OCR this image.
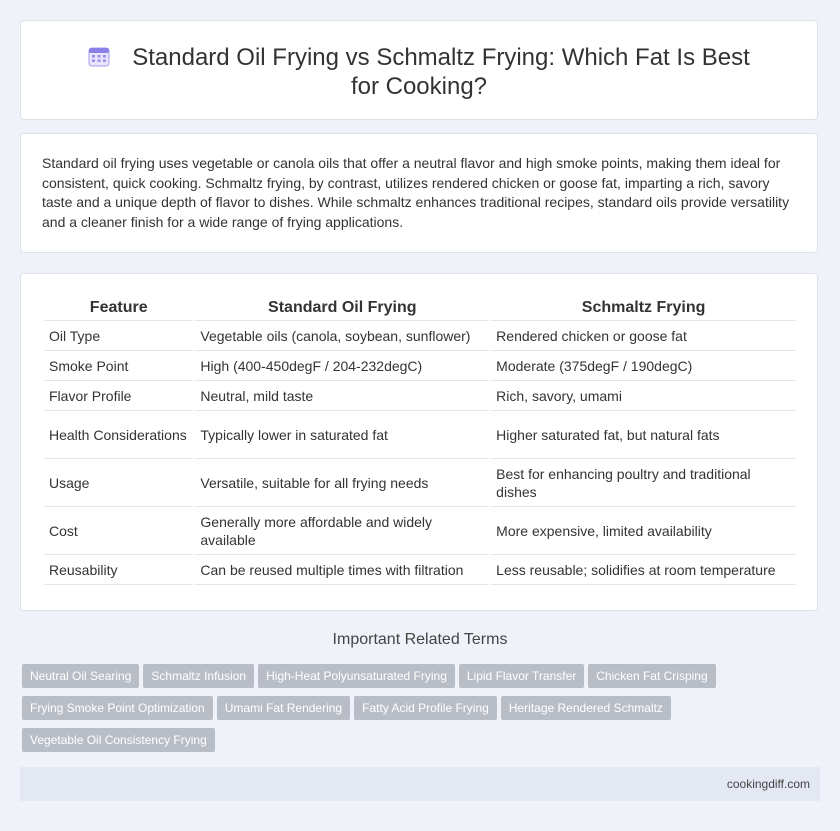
Standard Oil Frying vs Schmaltz Frying: Which Fat Is Best for Cooking?
Standard oil frying uses vegetable or canola oils that offer a neutral flavor and high smoke points, making them ideal for consistent, quick cooking. Schmaltz frying, by contrast, utilizes rendered chicken or goose fat, imparting a rich, savory taste and a unique depth of flavor to dishes. While schmaltz enhances traditional recipes, standard oils provide versatility and a cleaner finish for a wide range of frying applications.
Feature	Standard Oil Frying	Schmaltz Frying
Oil Type	Vegetable oils (canola, soybean, sunflower)	Rendered chicken or goose fat
Smoke Point	High (400-450degF / 204-232degC)	Moderate (375degF / 190degC)
Flavor Profile	Neutral, mild taste	Rich, savory, umami
Health Considerations	Typically lower in saturated fat	Higher saturated fat, but natural fats
Usage	Versatile, suitable for all frying needs	Best for enhancing poultry and traditional dishes
Cost	Generally more affordable and widely available	More expensive, limited availability
Reusability	Can be reused multiple times with filtration	Less reusable; solidifies at room temperature
Important Related Terms
Neutral Oil Searing Schmaltz Infusion High-Heat Polyunsaturated Frying Lipid Flavor Transfer Chicken Fat CrispingFrying Smoke Point Optimization Umami Fat Rendering Fatty Acid Profile Frying Heritage Rendered SchmaltzVegetable Oil Consistency Frying
cookingdiff.com
